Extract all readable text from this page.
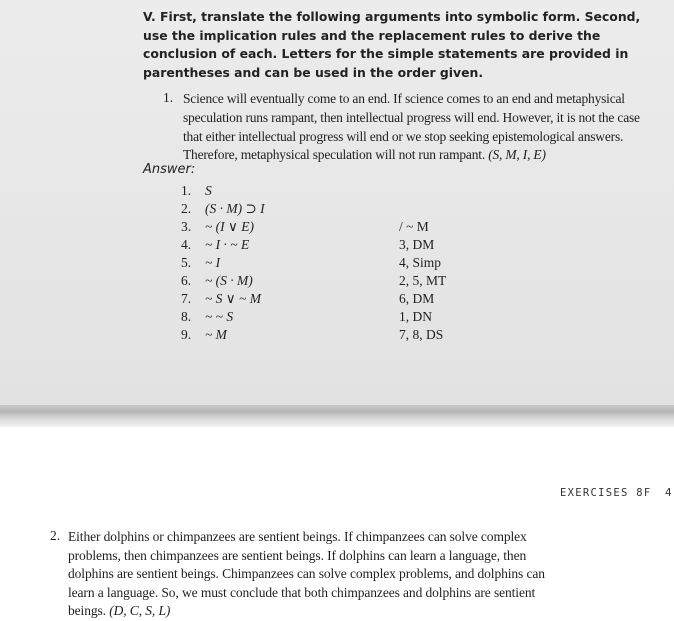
V. First, translate the following arguments into symbolic form. Second, use the implication rules and the replacement rules to derive the conclusion of each. Letters for the simple statements are provided in parentheses and can be used in the order given.
1. Science will eventually come to an end. If science comes to an end and metaphysical speculation runs rampant, then intellectual progress will end. However, it is not the case that either intellectual progress will end or we stop seeking epistemological answers. Therefore, metaphysical speculation will not run rampant. (S, M, I, E)
Answer:
1.	S
2.	(S · M) ⊃ I
3.	~ (I ∨ E)	/ ~ M
4.	~ I · ~ E	3, DM
5.	~ I	4, Simp
6.	~ (S · M)	2, 5, MT
7.	~ S ∨ ~ M	6, DM
8.	~ ~ S	1, DN
9.	~ M	7, 8, DS
EXERCISES 8F 4
2. Either dolphins or chimpanzees are sentient beings. If chimpanzees can solve complex problems, then chimpanzees are sentient beings. If dolphins can learn a language, then dolphins are sentient beings. Chimpanzees can solve complex problems, and dolphins can learn a language. So, we must conclude that both chimpanzees and dolphins are sentient beings. (D, C, S, L)
